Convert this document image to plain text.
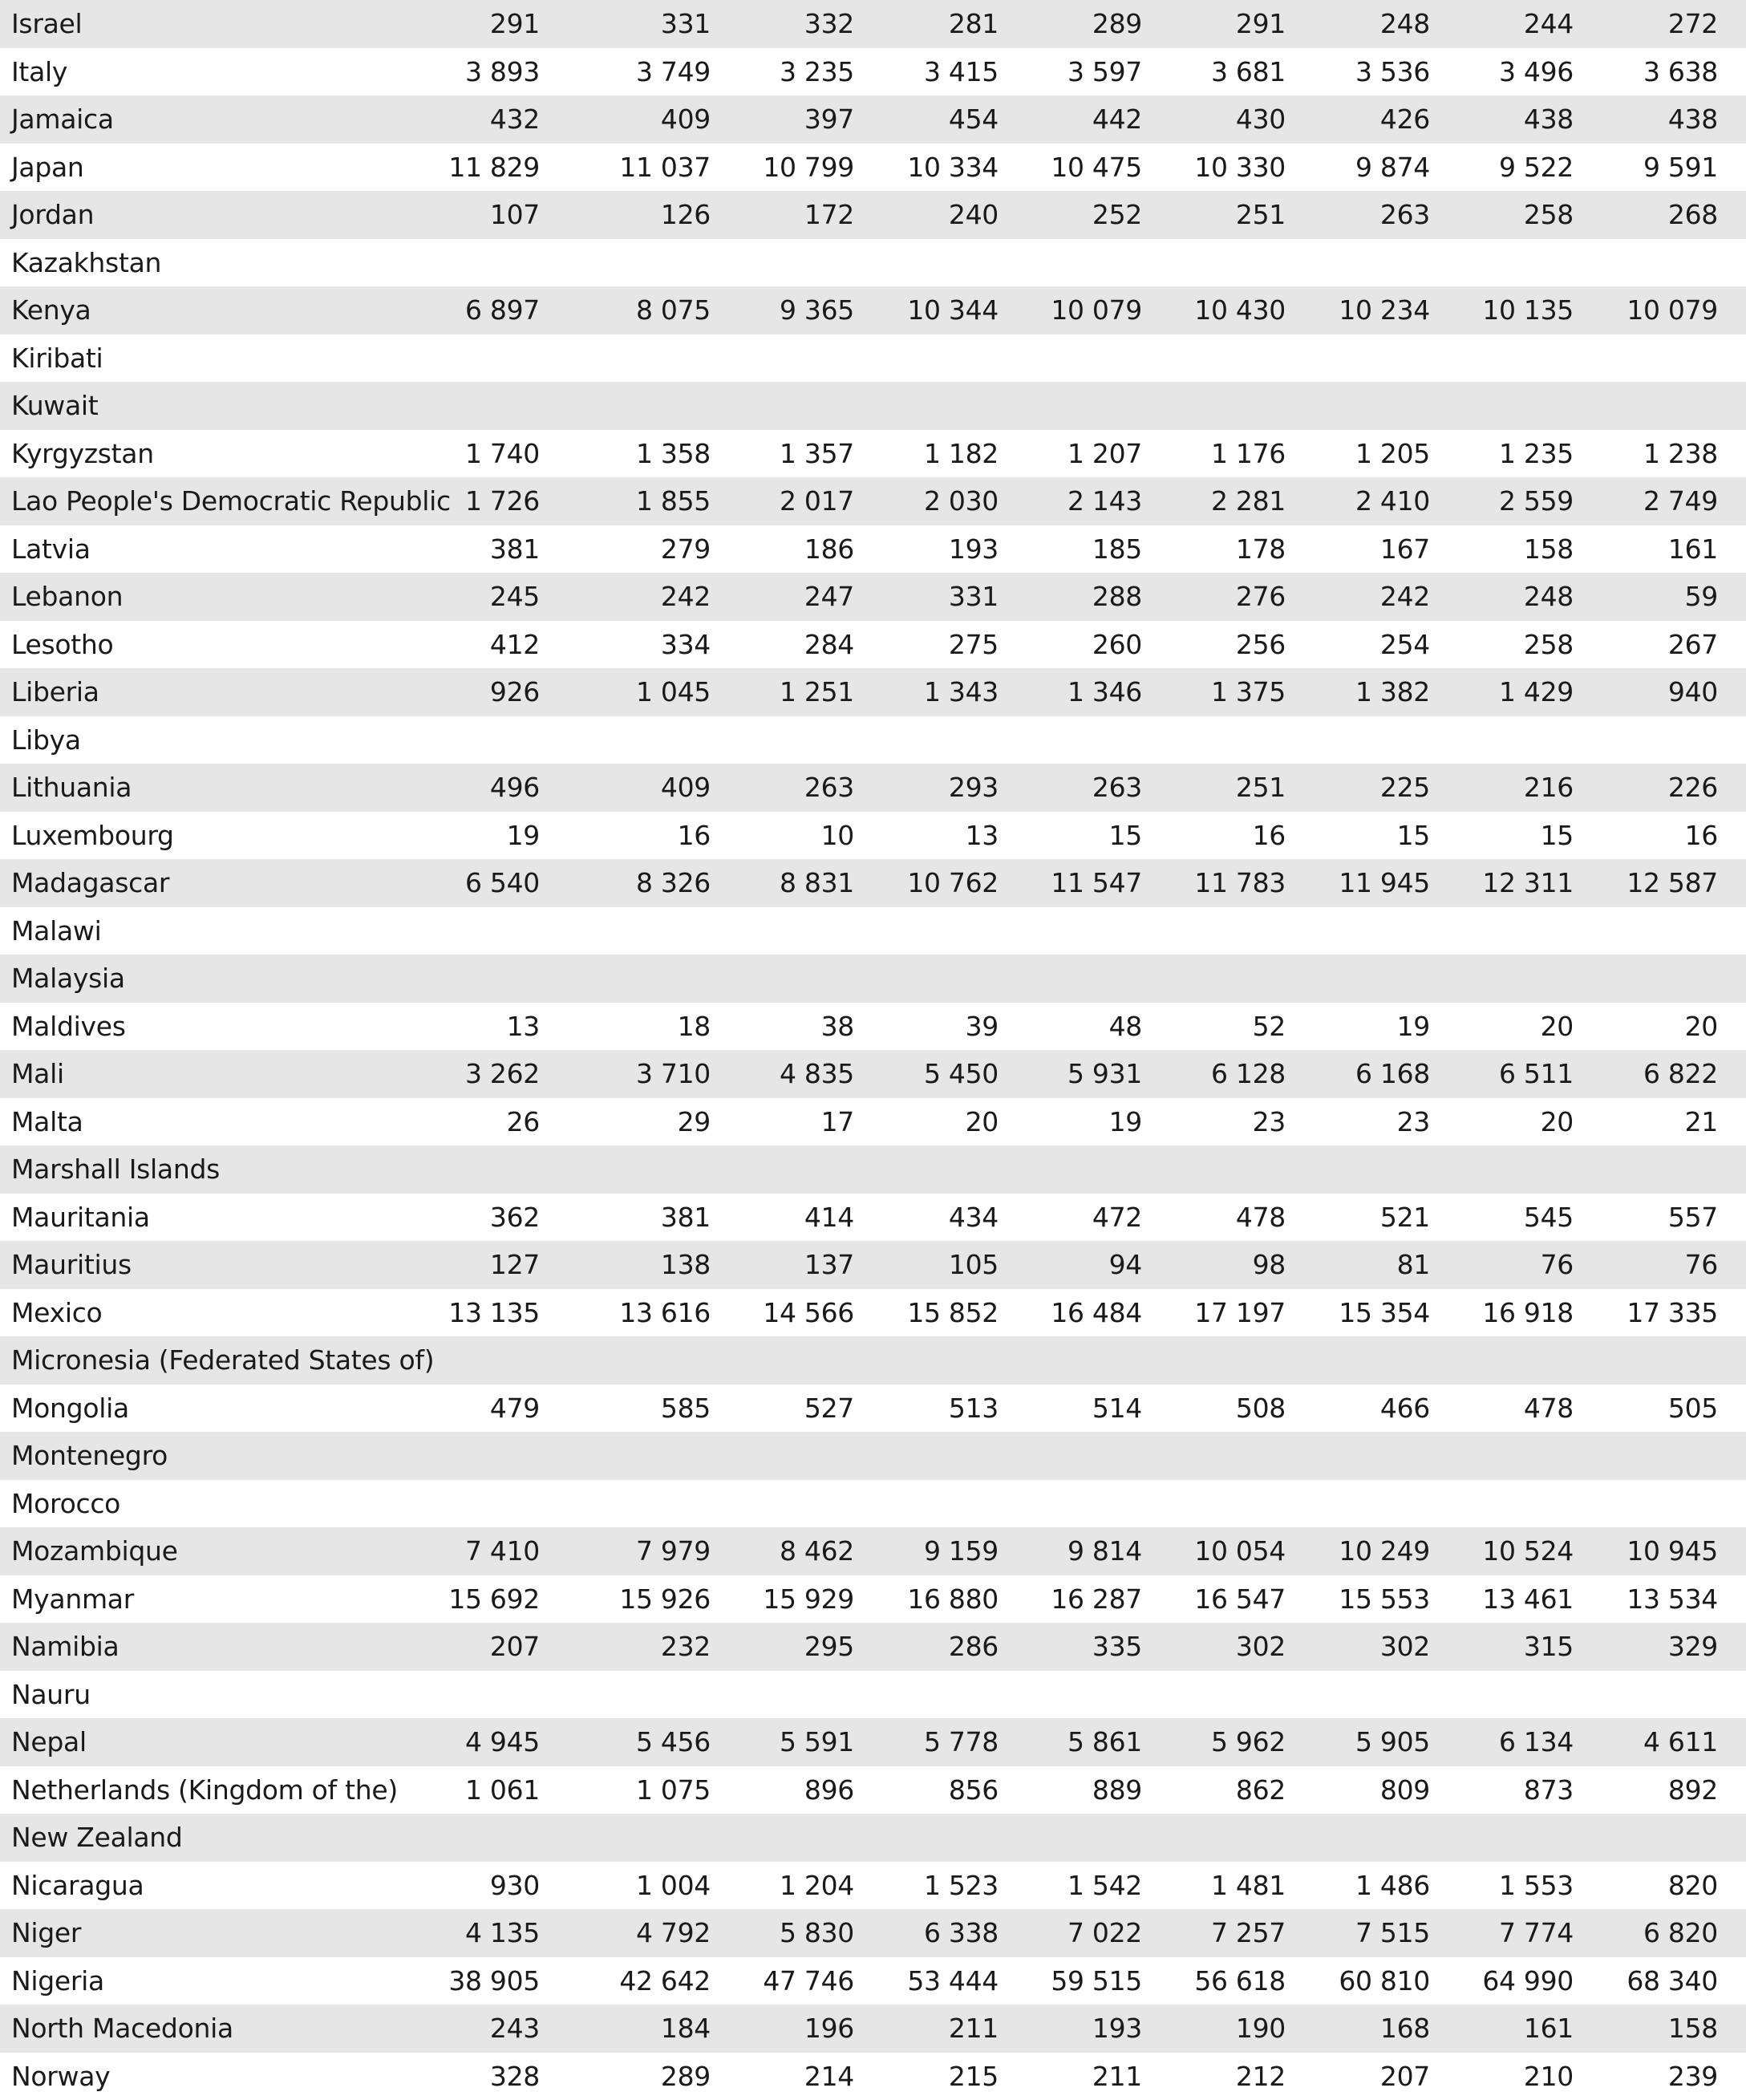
Israel	291	331	332	281	289	291	248	244	272
Italy	3 893	3 749	3 235	3 415	3 597	3 681	3 536	3 496	3 638
Jamaica	432	409	397	454	442	430	426	438	438
Japan	11 829	11 037	10 799	10 334	10 475	10 330	9 874	9 522	9 591
Jordan	107	126	172	240	252	251	263	258	268
Kazakhstan
Kenya	6 897	8 075	9 365	10 344	10 079	10 430	10 234	10 135	10 079
Kiribati
Kuwait
Kyrgyzstan	1 740	1 358	1 357	1 182	1 207	1 176	1 205	1 235	1 238
Lao People's Democratic Republic 1 726	1 855	2 017	2 030	2 143	2 281	2 410	2 559	2 749
Latvia	381	279	186	193	185	178	167	158	161
Lebanon	245	242	247	331	288	276	242	248	59
Lesotho	412	334	284	275	260	256	254	258	267
Liberia	926	1 045	1 251	1 343	1 346	1 375	1 382	1 429	940
Libya
Lithuania	496	409	263	293	263	251	225	216	226
Luxembourg	19	16	10	13	15	16	15	15	16
Madagascar	6 540	8 326	8 831	10 762	11 547	11 783	11 945	12 311	12 587
Malawi
Malaysia
Maldives	13	18	38	39	48	52	19	20	20
Mali	3 262	3 710	4 835	5 450	5 931	6 128	6 168	6 511	6 822
Malta	26	29	17	20	19	23	23	20	21
Marshall Islands
Mauritania	362	381	414	434	472	478	521	545	557
Mauritius	127	138	137	105	94	98	81	76	76
Mexico	13 135	13 616	14 566	15 852	16 484	17 197	15 354	16 918	17 335
Micronesia (Federated States of)
Mongolia	479	585	527	513	514	508	466	478	505
Montenegro
Morocco
Mozambique	7 410	7 979	8 462	9 159	9 814	10 054	10 249	10 524	10 945
Myanmar	15 692	15 926	15 929	16 880	16 287	16 547	15 553	13 461	13 534
Namibia	207	232	295	286	335	302	302	315	329
Nauru
Nepal	4 945	5 456	5 591	5 778	5 861	5 962	5 905	6 134	4 611
Netherlands (Kingdom of the)	1 061	1 075	896	856	889	862	809	873	892
New Zealand
Nicaragua	930	1 004	1 204	1 523	1 542	1 481	1 486	1 553	820
Niger	4 135	4 792	5 830	6 338	7 022	7 257	7 515	7 774	6 820
Nigeria	38 905	42 642	47 746	53 444	59 515	56 618	60 810	64 990	68 340
North Macedonia	243	184	196	211	193	190	168	161	158
Norway	328	289	214	215	211	212	207	210	239
